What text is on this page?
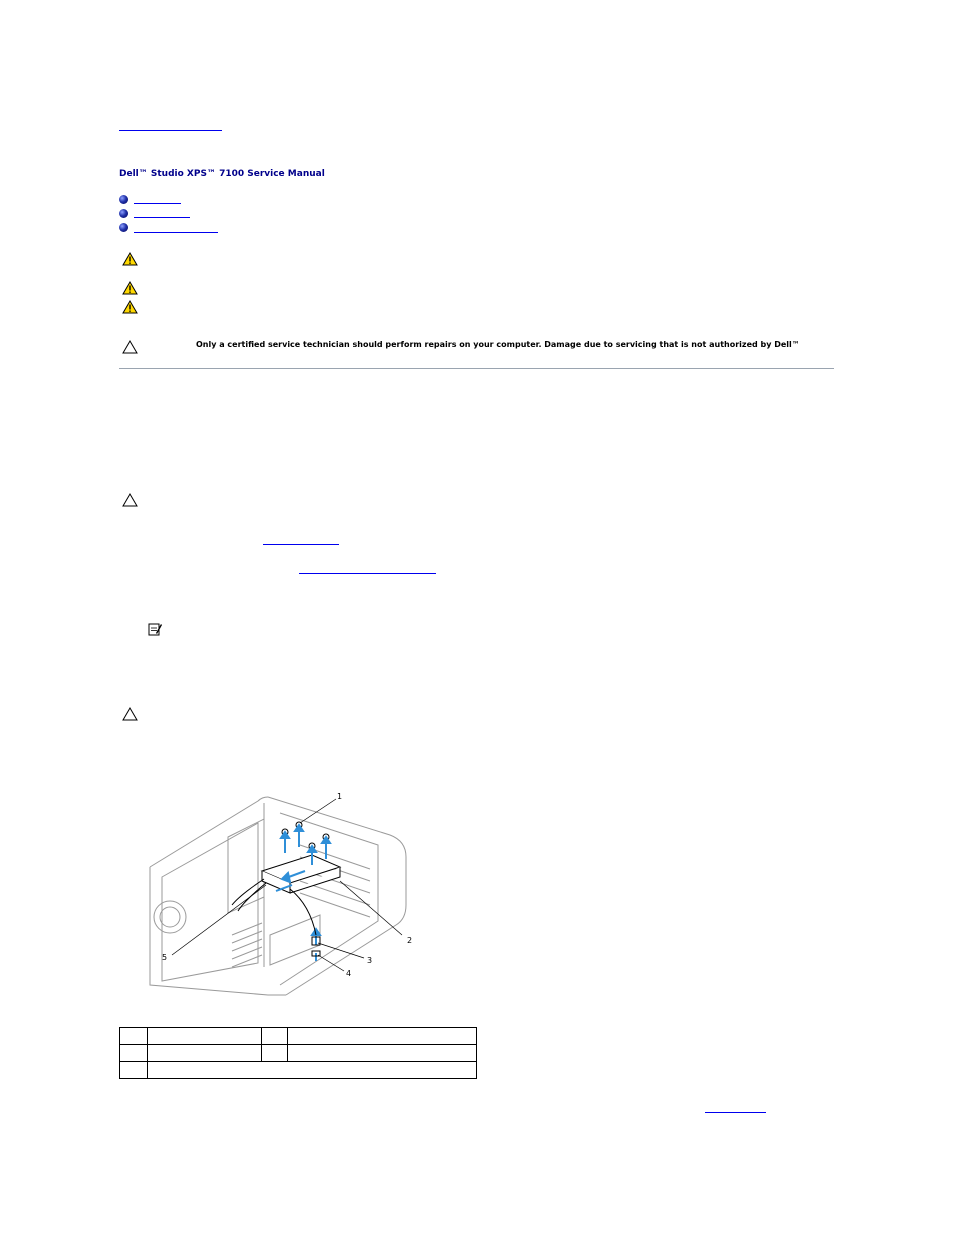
Dell™ Studio XPS™ 7100 Service Manual
Only a certified service technician should perform repairs on your computer. Damage due to servicing that is not authorized by Dell™
1
2
3
4
5
